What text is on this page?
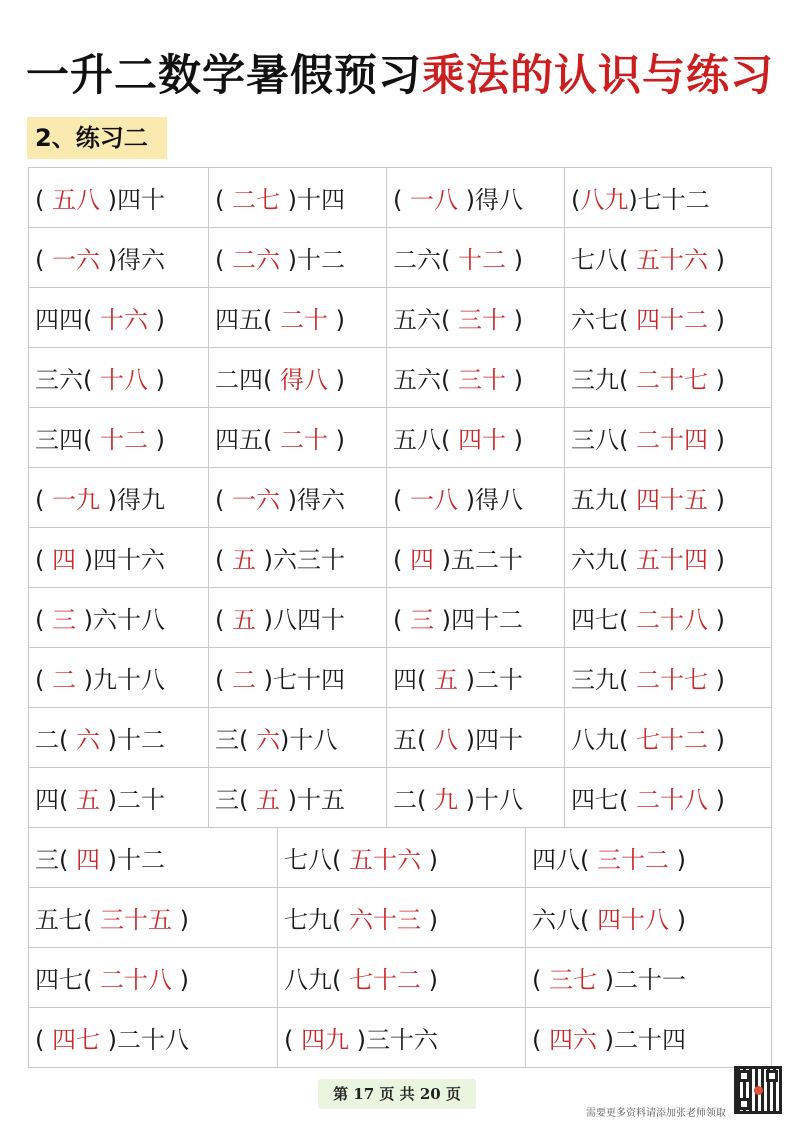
一升二数学暑假预习乘法的认识与练习
2、练习二
( 五八 )四十	( 二七 )十四	( 一八 )得八	(八九)七十二
( 一六 )得六	( 二六 )十二	二六( 十二 )	七八( 五十六 )
四四( 十六 )	四五( 二十 )	五六( 三十 )	六七( 四十二 )
三六( 十八 )	二四( 得八 )	五六( 三十 )	三九( 二十七 )
三四( 十二 )	四五( 二十 )	五八( 四十 )	三八( 二十四 )
( 一九 )得九	( 一六 )得六	( 一八 )得八	五九( 四十五 )
( 四 )四十六	( 五 )六三十	( 四 )五二十	六九( 五十四 )
( 三 )六十八	( 五 )八四十	( 三 )四十二	四七( 二十八 )
( 二 )九十八	( 二 )七十四	四( 五 )二十	三九( 二十七 )
二( 六 )十二	三( 六)十八	五( 八 )四十	八九( 七十二 )
四( 五 )二十	三( 五 )十五	二( 九 )十八	四七( 二十八 )
三( 四 )十二	七八( 五十六 )	四八( 三十二 )
五七( 三十五 )	七九( 六十三 )	六八( 四十八 )
四七( 二十八 )	八九( 七十二 )	( 三七 )二十一
( 四七 )二十八	( 四九 )三十六	( 四六 )二十四
第 17 页 共 20 页
需要更多资料请添加张老师领取
